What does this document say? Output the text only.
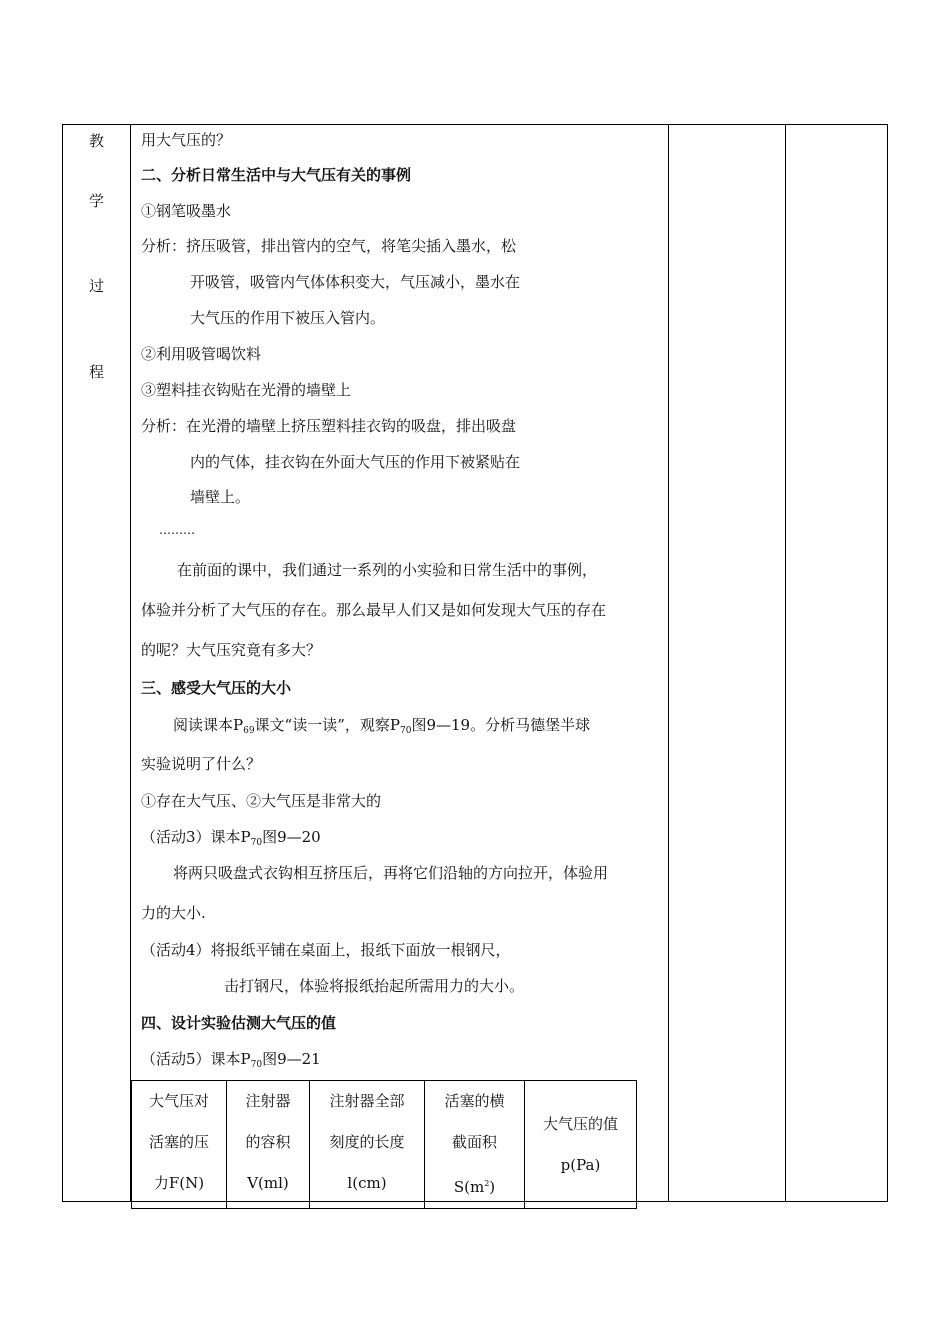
教
学
过
程
用大气压的？
二、分析日常生活中与大气压有关的事例
①钢笔吸墨水
分析：挤压吸管，排出管内的空气，将笔尖插入墨水，松
开吸管，吸管内气体体积变大，气压减小，墨水在
大气压的作用下被压入管内。
②利用吸管喝饮料
③塑料挂衣钩贴在光滑的墙壁上
分析：在光滑的墙壁上挤压塑料挂衣钩的吸盘，排出吸盘
内的气体，挂衣钩在外面大气压的作用下被紧贴在
墙壁上。
………
在前面的课中，我们通过一系列的小实验和日常生活中的事例，
体验并分析了大气压的存在。那么最早人们又是如何发现大气压的存在
的呢？大气压究竟有多大？
三、感受大气压的大小
阅读课本$P_{69}$课文“读一读”，观察$P_{70}$图9—19。分析马德堡半球
实验说明了什么？
①存在大气压、②大气压是非常大的
（活动3）课本$P_{70}$图9—20
将两只吸盘式衣钩相互挤压后，再将它们沿轴的方向拉开，体验用
力的大小.
（活动4）将报纸平铺在桌面上，报纸下面放一根钢尺，
击打钢尺，体验将报纸抬起所需用力的大小。
四、设计实验估测大气压的值
（活动5）课本$P_{70}$图9—21
大气压对
活塞的压
力F(N)

注射器
的容积
V(ml)

注射器全部
刻度的长度
l(cm)

活塞的横
截面积
$S(m^2)$

大气压的值
p(Pa)
